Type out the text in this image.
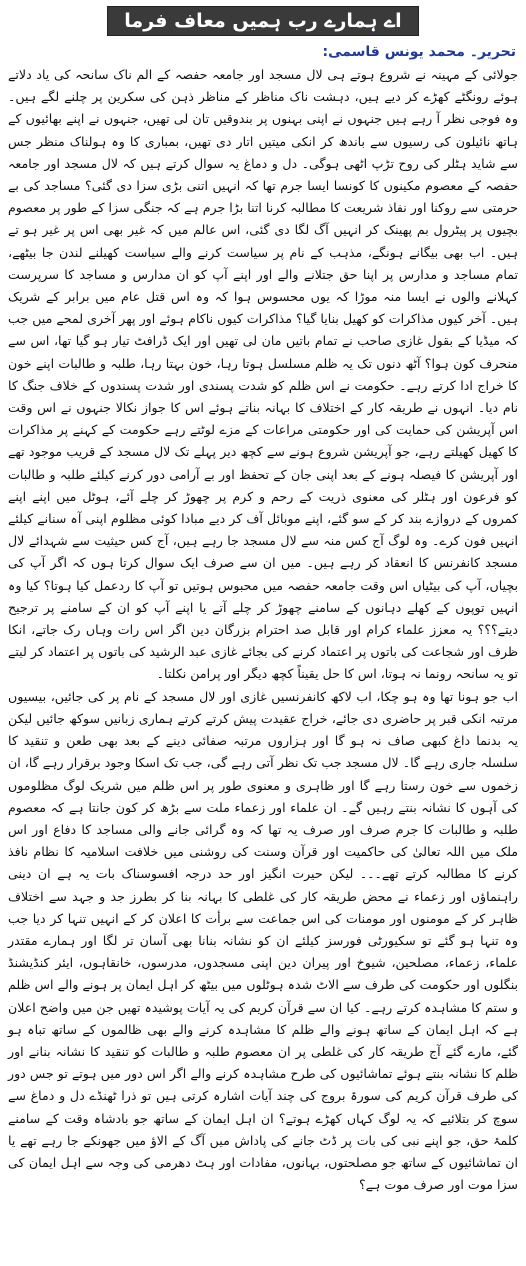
اے ہمارے رب ہمیں معاف فرما
تحریر۔ محمد یونس قاسمی:

جولائی کے مہینہ نے شروع ہوتے ہی لال مسجد اور جامعہ حفصہ کے الم ناک سانحہ کی یاد دلاتے ہوئے رونگٹے کھڑے کر دیے ہیں، دہشت ناک مناظر کے مناظر ذہن کی سکرین پر چلنے لگے ہیں۔ وہ فوجی نظر آ رہے ہیں جنہوں نے اپنی بہنوں پر بندوقیں تان لی تھیں، جنہوں نے اپنے بھائیوں کے ہاتھ نائیلون کی رسیوں سے باندھ کر انکی میتیں اتار دی تھیں، بمباری کا وہ ہولناک منظر جس سے شاید ہٹلر کی روح تڑپ اٹھی ہوگی۔ دل و دماغ یہ سوال کرتے ہیں کہ لال مسجد اور جامعہ حفصہ کے معصوم مکینوں کا کونسا ایسا جرم تھا کہ انہیں اتنی بڑی سزا دی گئی؟ مساجد کی بے حرمتی سے روکنا اور نفاذ شریعت کا مطالبہ کرنا اتنا بڑا جرم ہے کہ جنگی سزا کے طور پر معصوم بچیوں پر پیٹرول بم پھینک کر انہیں آگ لگا دی گئی، اس عالم میں کہ غیر بھی اس پر غیر ہو تے ہیں۔ اب بھی بیگانے ہونگے، مذہب کے نام پر سیاست کرنے والے سیاست کھیلنے لندن جا بیٹھے، تمام مساجد و مدارس پر اپنا حق جتلانے والے اور اپنے آپ کو ان مدارس و مساجد کا سرپرست کہلانے والوں نے ایسا منہ موڑا کہ یوں محسوس ہوا کہ وہ اس قتل عام میں برابر کے شریک ہیں۔ آخر کیوں مذاکرات کو کھیل بنایا گیا؟ مذاکرات کیوں ناکام ہوئے اور پھر آخری لمحے میں جب کہ میڈیا کے بقول غازی صاحب نے تمام باتیں مان لی تھیں اور ایک ڈرافٹ تیار ہو گیا تھا، اس سے منحرف کون ہوا؟ آٹھ دنوں تک یہ ظلم مسلسل ہوتا رہا، خون بہتا رہا، طلبہ و طالبات اپنے خون کا خراج ادا کرتے رہے۔ حکومت نے اس ظلم کو شدت پسندی اور شدت پسندوں کے خلاف جنگ کا نام دیا۔ انہوں نے طریقہ کار کے اختلاف کا بہانہ بناتے ہوئے اس کا جواز نکالا جنہوں نے اس وقت اس آپریشن کی حمایت کی اور حکومتی مراعات کے مزے لوٹتے رہے حکومت کے کہنے پر مذاکرات کا کھیل کھیلتے رہے، جو آپریشن شروع ہونے سے کچھ دیر پہلے تک لال مسجد کے قریب موجود تھے اور آپریشن کا فیصلہ ہونے کے بعد اپنی جان کے تحفظ اور بے آرامی دور کرنے کیلئے طلبہ و طالبات کو فرعون اور ہٹلر کی معنوی ذریت کے رحم و کرم پر چھوڑ کر چلے آئے، ہوٹل میں اپنے اپنے کمروں کے دروازے بند کر کے سو گئے، اپنے موبائل آف کر دیے مبادا کوئی مظلوم اپنی آہ سنانے کیلئے انہیں فون کرے۔ وہ لوگ آج کس منہ سے لال مسجد جا رہے ہیں، آج کس حیثیت سے شہدائے لال مسجد کانفرنس کا انعقاد کر رہے ہیں۔ میں ان سے صرف ایک سوال کرتا ہوں کہ اگر آپ کی بچیاں، آپ کی بیٹیاں اس وقت جامعہ حفصہ میں محبوس ہوتیں تو آپ کا ردعمل کیا ہوتا؟ کیا وہ انہیں توپوں کے کھلے دہانوں کے سامنے چھوڑ کر چلے آتے یا اپنے آپ کو ان کے سامنے پر ترجیح دیتے؟؟؟ یہ معزز علماء کرام اور قابل صد احترام بزرگان دین اگر اس رات وہاں رک جاتے، انکا ظرف اور شجاعت کی باتوں پر اعتماد کرنے کی بجائے غازی عبد الرشید کی باتوں پر اعتماد کر لیتے تو یہ سانحہ رونما نہ ہوتا، اس کا حل یقیناً کچھ دیگر اور پرامن نکلتا۔

اب جو ہونا تھا وہ ہو چکا، اب لاکھ کانفرنسیں غازی اور لال مسجد کے نام پر کی جائیں، بیسیوں مرتبہ انکی قبر پر حاضری دی جائے، خراج عقیدت پیش کرتے کرتے ہماری زبانیں سوکھ جائیں لیکن یہ بدنما داغ کبھی صاف نہ ہو گا اور ہزاروں مرتبہ صفائی دینے کے بعد بھی طعن و تنقید کا سلسلہ جاری رہے گا۔ لال مسجد جب تک نظر آتی رہے گی، جب تک اسکا وجود برقرار رہے گا، ان زخموں سے خون رستا رہے گا اور ظاہری و معنوی طور پر اس ظلم میں شریک لوگ مظلوموں کی آہوں کا نشانہ بنتے رہیں گے۔ ان علماء اور زعماء ملت سے بڑھ کر کون جانتا ہے کہ معصوم طلبہ و طالبات کا جرم صرف اور صرف یہ تھا کہ وہ گرائی جانے والی مساجد کا دفاع اور اس ملک میں اللہ تعالیٰ کی حاکمیت اور قرآن وسنت کی روشنی میں خلافت اسلامیہ کا نظام نافذ کرنے کا مطالبہ کرتے تھے۔۔۔ لیکن حیرت انگیز اور حد درجہ افسوسناک بات یہ ہے ان دینی راہنماؤں اور زعماء نے محض طریقہ کار کی غلطی کا بہانہ بنا کر بطرز جد و جہد سے اختلاف ظاہر کر کے مومنوں اور مومنات کی اس جماعت سے برأت کا اعلان کر کے انہیں تنہا کر دیا جب وہ تنہا ہو گئے تو سکیورٹی فورسز کیلئے ان کو نشانہ بنانا بھی آسان تر لگا اور ہمارے مقتدر علماء، زعماء، مصلحین، شیوخ اور پیران دین اپنی مسجدوں، مدرسوں، خانقاہوں، ایئر کنڈیشنڈ بنگلوں اور حکومت کی طرف سے الاٹ شدہ ہوٹلوں میں بیٹھ کر اہل ایمان پر ہونے والے اس ظلم و ستم کا مشاہدہ کرتے رہے۔ کیا ان سے قرآن کریم کی یہ آیات پوشیدہ تھیں جن میں واضح اعلان ہے کہ اہل ایمان کے ساتھ ہونے والے ظلم کا مشاہدہ کرنے والے بھی ظالموں کے ساتھ تباہ ہو گئے، مارے گئے آج طریقہ کار کی غلطی پر ان معصوم طلبہ و طالبات کو تنقید کا نشانہ بنانے اور ظلم کا نشانہ بنتے ہوئے تماشائیوں کی طرح مشاہدہ کرنے والے اگر اس دور میں ہوتے تو جس دور کی طرف قرآن کریم کی سورۃ بروج کی چند آیات اشارہ کرتی ہیں تو ذرا ٹھنڈے دل و دماغ سے سوچ کر بتلائیے کہ یہ لوگ کہاں کھڑے ہوتے؟ ان اہل ایمان کے ساتھ جو بادشاہ وقت کے سامنے کلمۂ حق، جو اپنے نبی کی بات پر ڈٹ جانے کی پاداش میں آگ کے الاؤ میں جھونکے جا رہے تھے یا ان تماشائیوں کے ساتھ جو مصلحتوں، بہانوں، مفادات اور ہٹ دھرمی کی وجہ سے اہل ایمان کی سزا موت اور صرف موت ہے؟
